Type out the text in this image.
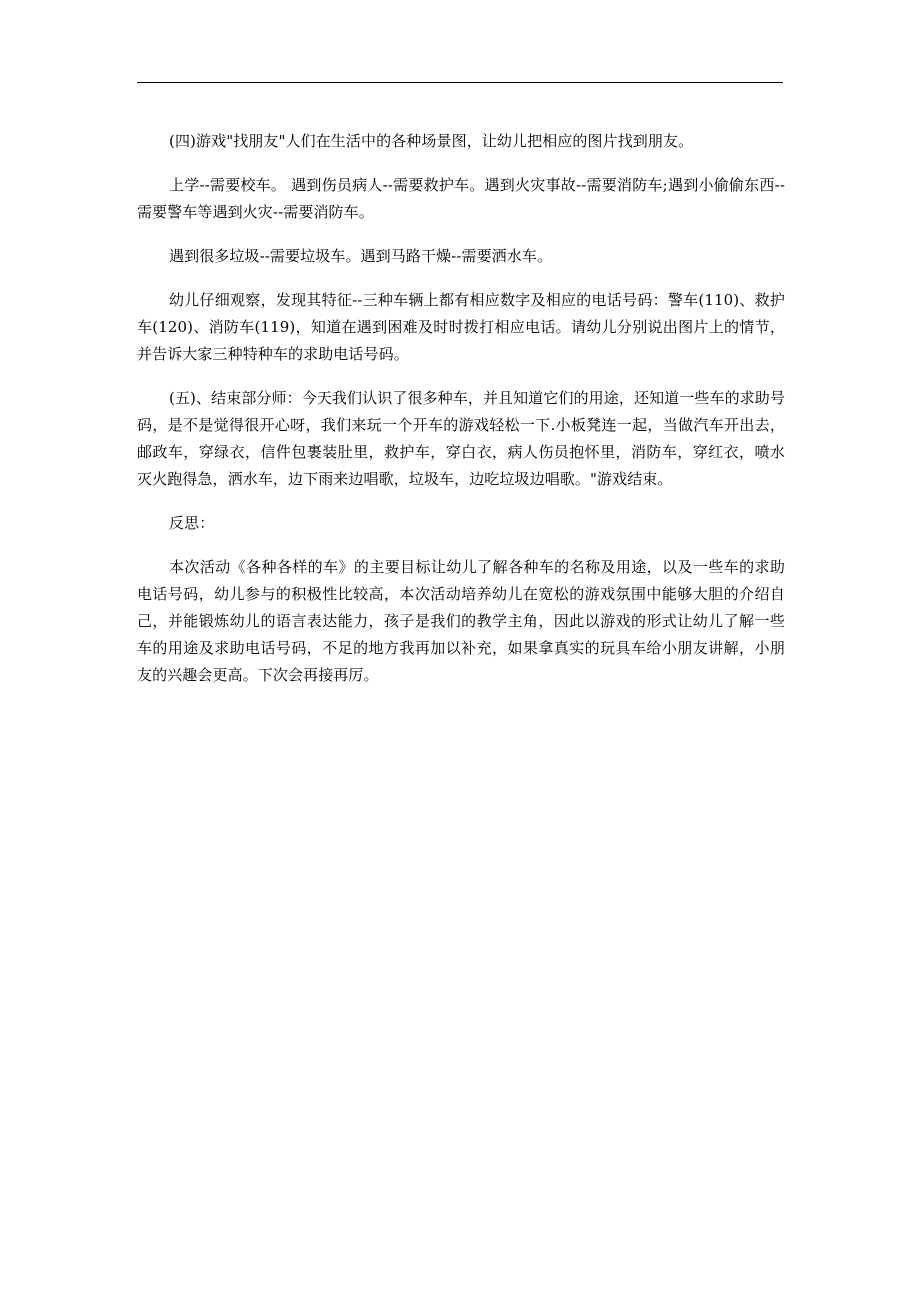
(四)游戏"找朋友"人们在生活中的各种场景图，让幼儿把相应的图片找到朋友。

上学--需要校车。 遇到伤员病人--需要救护车。遇到火灾事故--需要消防车;遇到小偷偷东西--需要警车等遇到火灾--需要消防车。

遇到很多垃圾--需要垃圾车。遇到马路干燥--需要洒水车。

幼儿仔细观察，发现其特征--三种车辆上都有相应数字及相应的电话号码：警车(110)、救护车(120)、消防车(119)，知道在遇到困难及时时拨打相应电话。请幼儿分别说出图片上的情节，并告诉大家三种特种车的求助电话号码。

(五)、结束部分师：今天我们认识了很多种车，并且知道它们的用途，还知道一些车的求助号码，是不是觉得很开心呀，我们来玩一个开车的游戏轻松一下.小板凳连一起，当做汽车开出去，邮政车，穿绿衣，信件包裹装肚里，救护车，穿白衣，病人伤员抱怀里，消防车，穿红衣，喷水灭火跑得急，洒水车，边下雨来边唱歌，垃圾车，边吃垃圾边唱歌。"游戏结束。

反思：

本次活动《各种各样的车》的主要目标让幼儿了解各种车的名称及用途，以及一些车的求助电话号码，幼儿参与的积极性比较高，本次活动培养幼儿在宽松的游戏氛围中能够大胆的介绍自己，并能锻炼幼儿的语言表达能力，孩子是我们的教学主角，因此以游戏的形式让幼儿了解一些车的用途及求助电话号码，不足的地方我再加以补充，如果拿真实的玩具车给小朋友讲解，小朋友的兴趣会更高。下次会再接再厉。
